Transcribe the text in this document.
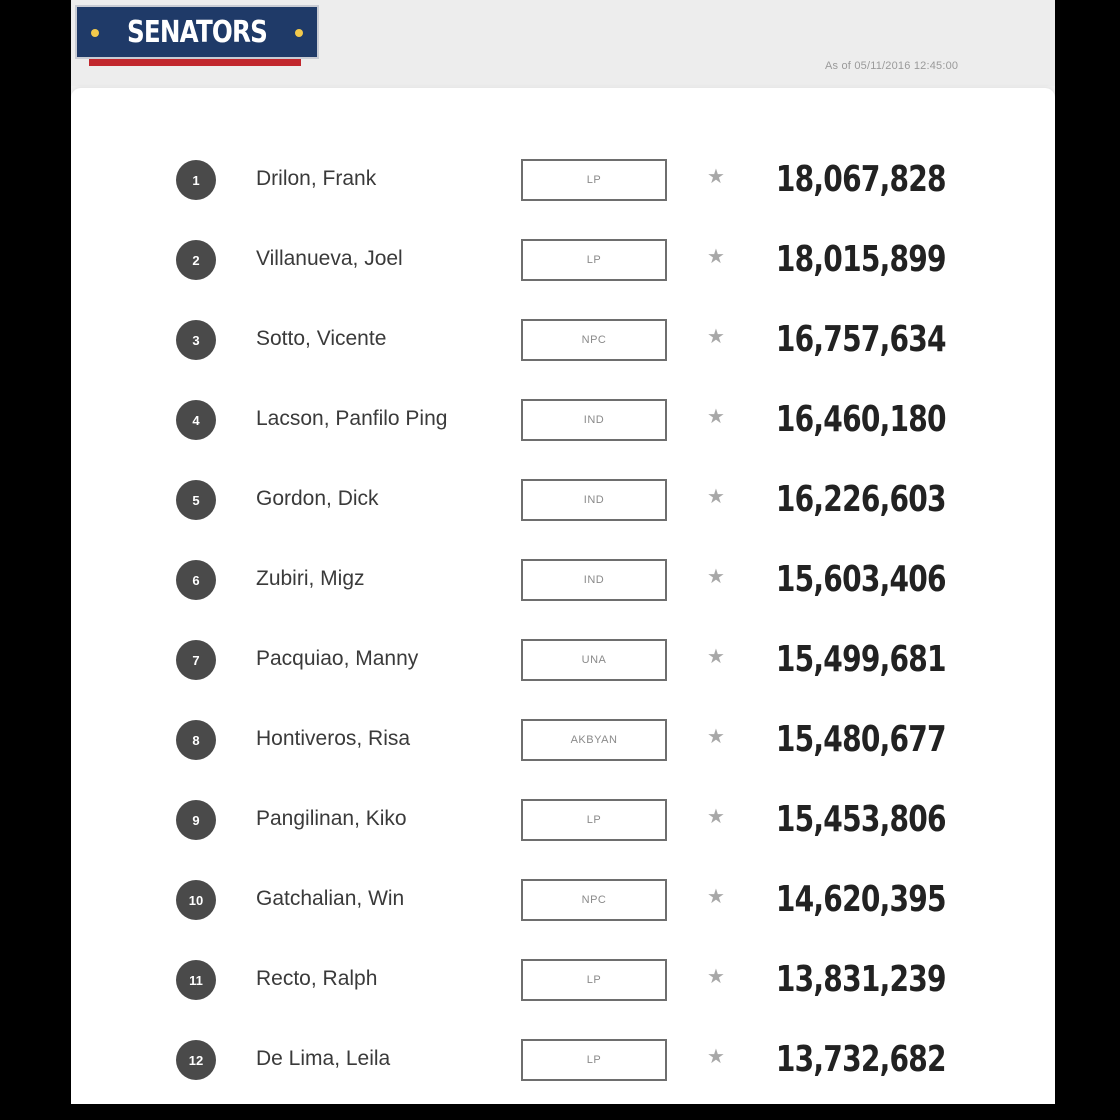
SENATORS
As of 05/11/2016 12:45:00
1	Drilon, Frank	LP	★ 18,067,828
2	Villanueva, Joel	LP	★ 18,015,899
3	Sotto, Vicente	NPC	★ 16,757,634
4	Lacson, Panfilo Ping	IND	★ 16,460,180
5	Gordon, Dick	IND	★ 16,226,603
6	Zubiri, Migz	IND	★ 15,603,406
7	Pacquiao, Manny	UNA	★ 15,499,681
8	Hontiveros, Risa	AKBYAN	★ 15,480,677
9	Pangilinan, Kiko	LP	★ 15,453,806
10	Gatchalian, Win	NPC	★ 14,620,395
11	Recto, Ralph	LP	★ 13,831,239
12	De Lima, Leila	LP	★ 13,732,682
